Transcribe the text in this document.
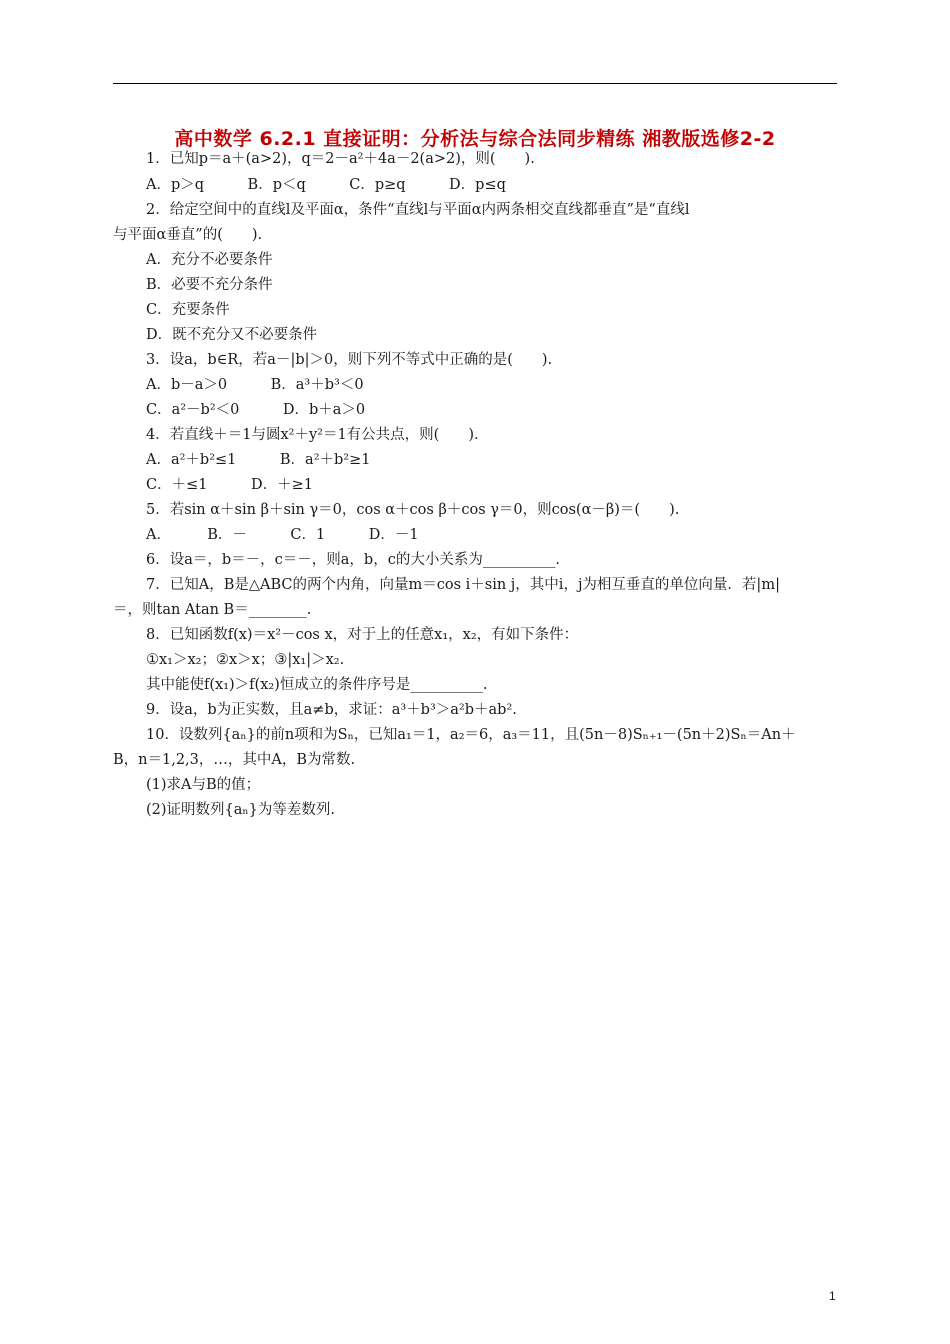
高中数学 6.2.1 直接证明：分析法与综合法同步精练 湘教版选修2-2
1．已知p＝a＋(a>2)，q＝2－a²＋4a－2(a>2)，则(　　).
A．p＞q　　　B．p＜q　　　C．p≥q　　　D．p≤q
2．给定空间中的直线l及平面α，条件“直线l与平面α内两条相交直线都垂直”是“直线l
与平面α垂直”的(　　).
A．充分不必要条件
B．必要不充分条件
C．充要条件
D．既不充分又不必要条件
3．设a，b∈R，若a－|b|＞0，则下列不等式中正确的是(　　).
A．b－a＞0　　　B．a³＋b³＜0
C．a²－b²＜0　　　D．b＋a＞0
4．若直线＋＝1与圆x²＋y²＝1有公共点，则(　　).
A．a²＋b²≤1　　　B．a²＋b²≥1
C．＋≤1　　　D．＋≥1
5．若sin α＋sin β＋sin γ＝0，cos α＋cos β＋cos γ＝0，则cos(α－β)＝(　　).
A．　　　B．－　　　C．1　　　D．－1
6．设a＝，b＝－，c＝－，则a，b，c的大小关系为__________.
7．已知A，B是△ABC的两个内角，向量m＝cos i＋sin j，其中i，j为相互垂直的单位向量．若|m|
＝，则tan Atan B＝________.
8．已知函数f(x)＝x²－cos x，对于上的任意x₁，x₂，有如下条件：
①x₁＞x₂；②x＞x；③|x₁|＞x₂.
其中能使f(x₁)＞f(x₂)恒成立的条件序号是__________.
9．设a，b为正实数，且a≠b，求证：a³＋b³＞a²b＋ab².
10．设数列{aₙ}的前n项和为Sₙ，已知a₁＝1，a₂＝6，a₃＝11，且(5n－8)Sₙ₊₁－(5n＋2)Sₙ＝An＋
B，n＝1,2,3，…，其中A，B为常数.
(1)求A与B的值；
(2)证明数列{aₙ}为等差数列.
1
